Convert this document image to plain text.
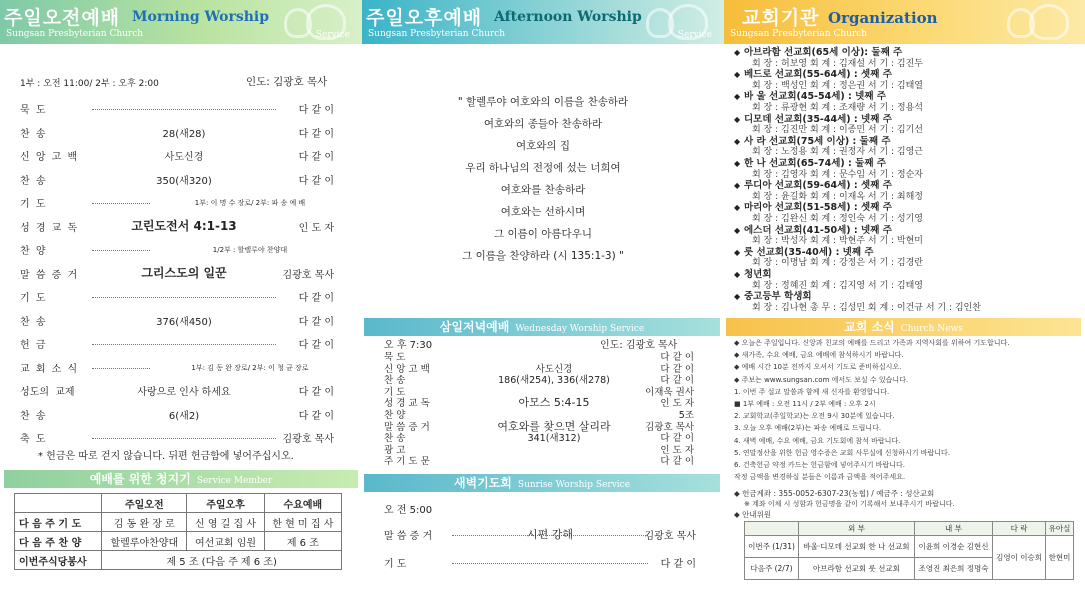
주일오전예배 Morning Worship
Sungsan Presbyterian Church	Service
1부 : 오전 11:00/ 2부 : 오후 2:00	인도: 김광호 목사
묵 도	다 같 이
찬 송	28(새28)	다 같 이
신 앙 고 백	사도신경	다 같 이
찬 송	350(새320)	다 같 이
기 도	1부: 이 명 수 장로/ 2부: 파 송 예 배
성 경 교 독	고린도전서 4:1-13	인 도 자
찬 양	1/2부 : 할렐루야 찬양대
말 씀 증 거	그리스도의 일꾼	김광호 목사
기 도	다 같 이
찬 송	376(새450)	다 같 이
헌 금	다 같 이
교 회 소 식	1부: 김 동 완 장로/ 2부: 이 청 균 장로
성도의 교제	사랑으로 인사 하세요	다 같 이
찬 송	6(새2)	다 같 이
축 도	김광호 목사
* 헌금은 따로 걷지 않습니다. 뒤편 헌금함에 넣어주십시오.
예배를 위한 청지기 Service Member
	주일오전	주일오후	수요예배
다 음 주 기 도	김 동 완 장 로	신 영 길 집 사	한 현 미 집 사
다 음 주 찬 양	할렐루야찬양대	여선교회 임원	제 6 조
이번주식당봉사	제 5 조 (다음 주 제 6 조)		
주일오후예배 Afternoon Worship
Sungsan Presbyterian Church	Service
" 할렐루야 여호와의 이름을 찬송하라
여호와의 종들아 찬송하라
여호와의 집
우리 하나님의 전정에 섰는 너희여
여호와를 찬송하라
여호와는 선하시며
그 이름이 아름다우니
그 이름을 찬양하라 (시 135:1-3) "
삼일저녁예배 Wednesday Worship Service
오 후 7:30	인도: 김광호 목사
묵 도	다 같 이
신 앙 고 백	사도신경	다 같 이
찬 송	186(새254), 336(새278)	다 같 이
기 도	이재욱 권사
성 경 교 독	아모스 5:4-15	인 도 자
찬 양	5조
말 씀 증 거	여호와를 찾으면 살리라	김광호 목사
찬 송	341(새312)	다 같 이
광 고	인 도 자
주 기 도 문	다 같 이
새벽기도회 Sunrise Worship Service
오 전 5:00
말 씀 증 거	시편 강해	김광호 목사
기 도	다 같 이
교회기관 Organization
Sungsan Presbyterian Church
◆ 아브라함 선교회(65세 이상): 둘째 주
회 장 : 허보영 회 계 : 김재설 서 기 : 김진두
◆ 베드로 선교회(55-64세) : 셋째 주
회 장 : 백성인 회 계 : 정은권 서 기 : 김태열
◆ 바 울 선교회(45-54세) : 넷째 주
회 장 : 류광현 회 계 : 조재량 서 기 : 정용석
◆ 디모데 선교회(35-44세) : 넷째 주
회 장 : 김진만 회 계 : 이종민 서 기 : 김기선
◆ 사 라 선교회(75세 이상) : 둘째 주
회 장 : 노정용 회 계 : 권정자 서 기 : 김영근
◆ 한 나 선교회(65-74세) : 둘째 주
회 장 : 김영자 회 계 : 문수임 서 기 : 정순자
◆ 루디아 선교회(59-64세) : 셋째 주
회 장 : 윤길화 회 계 : 이재옥 서 기 : 최해정
◆ 마리아 선교회(51-58세) : 셋째 주
회 장 : 김완신 회 계 : 정인숙 서 기 : 성기영
◆ 에스더 선교회(41-50세) : 넷째 주
회 장 : 박성자 회 계 : 박현주 서 기 : 박현미
◆ 룻 선교회(35-40세) : 넷째 주
회 장 : 이명남 회 계 : 강정은 서 기 : 김경란
◆ 청년회
회 장 : 정혜진 회 계 : 김지영 서 기 : 김태영
◆ 중고등부 학생회
회 장 : 김나현 총 무 : 김성민 회 계 : 이건규 서 기 : 김인찬
교회 소식 Church News
◆ 오늘은 주일입니다. 신앙과 친교의 예배를 드리고 가족과 지역사회를 위하여 기도합니다.
◆ 새가족, 수요 예배, 금요 예배에 참석하시기 바랍니다.
◆ 예배 시간 10분 전까지 오셔서 기도로 준비하십시오.
◆ 주보는 www.sungsan.com 에서도 보실 수 있습니다.
1. 이번 주 설교 말씀과 함께 새 신자를 환영합니다.
■ 1부 예배 : 오전 11시 / 2부 예배 : 오후 2시
2. 교회학교(주일학교)는 오전 9시 30분에 있습니다.
3. 오늘 오후 예배(2부)는 파송 예배로 드립니다.
4. 새벽 예배, 수요 예배, 금요 기도회에 참석 바랍니다.
5. 연말정산을 위한 헌금 영수증은 교회 사무실에 신청하시기 바랍니다.
6. 건축헌금 약정 카드는 헌금함에 넣어주시기 바랍니다.
작정 금액을 변경하실 분들은 이름과 금액을 적어주세요.
◆ 헌금계좌 : 355-0052-6307-23(농협) / 예금주 : 성산교회
※ 계좌 이체 시 성함과 헌금명을 같이 기록해서 보내주시기 바랍니다.
◆ 안내위원
	외 부	내 부	다 락	유아실
이번주 (1/31)	바울·디모데 선교회 한 나 선교회	이윤희 이경순 김현신	김영이 이승희	한현미
다음주 (2/7)	아브라함 선교회 룻 선교회	조영진 최은희 정명숙		
